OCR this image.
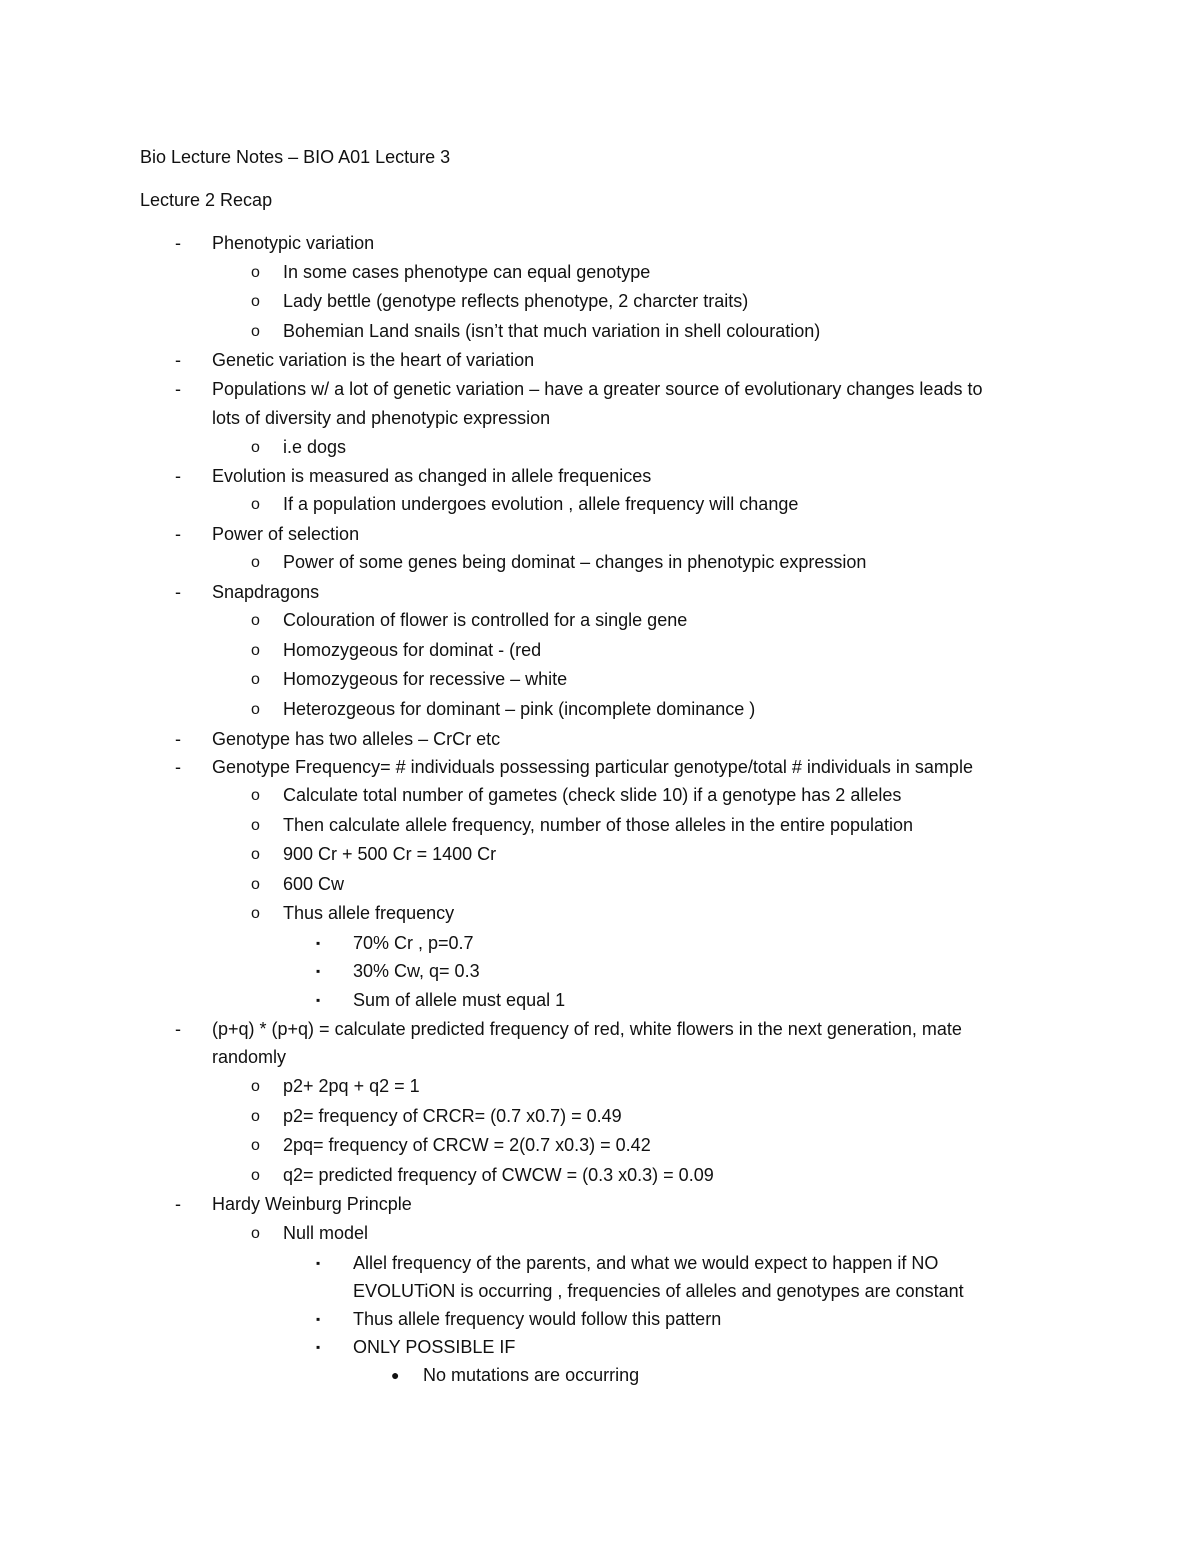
Bio Lecture Notes – BIO A01 Lecture 3
Lecture 2 Recap
- Phenotypic variation
o In some cases phenotype can equal genotype
o Lady bettle (genotype reflects phenotype, 2 charcter traits)
o Bohemian Land snails (isn’t that much variation in shell colouration)
- Genetic variation is the heart of variation
- Populations w/ a lot of genetic variation – have a greater source of evolutionary changes leads to
lots of diversity and phenotypic expression
o i.e dogs
- Evolution is measured as changed in allele frequenices
o If a population undergoes evolution , allele frequency will change
- Power of selection
o Power of some genes being dominat – changes in phenotypic expression
- Snapdragons
o Colouration of flower is controlled for a single gene
o Homozygeous for dominat - (red
o Homozygeous for recessive – white
o Heterozgeous for dominant – pink (incomplete dominance )
- Genotype has two alleles – CrCr etc
- Genotype Frequency= # individuals possessing particular genotype/total # individuals in sample
o Calculate total number of gametes (check slide 10) if a genotype has 2 alleles
o Then calculate allele frequency, number of those alleles in the entire population
o 900 Cr + 500 Cr = 1400 Cr
o 600 Cw
o Thus allele frequency
▪ 70% Cr , p=0.7
▪ 30% Cw, q= 0.3
▪ Sum of allele must equal 1
- (p+q) * (p+q) = calculate predicted frequency of red, white flowers in the next generation, mate
randomly
o p2+ 2pq + q2 = 1
o p2= frequency of CRCR= (0.7 x0.7) = 0.49
o 2pq= frequency of CRCW = 2(0.7 x0.3) = 0.42
o q2= predicted frequency of CWCW = (0.3 x0.3) = 0.09
- Hardy Weinburg Princple
o Null model
▪ Allel frequency of the parents, and what we would expect to happen if NO
EVOLUTiON is occurring , frequencies of alleles and genotypes are constant
▪ Thus allele frequency would follow this pattern
▪ ONLY POSSIBLE IF
● No mutations are occurring
